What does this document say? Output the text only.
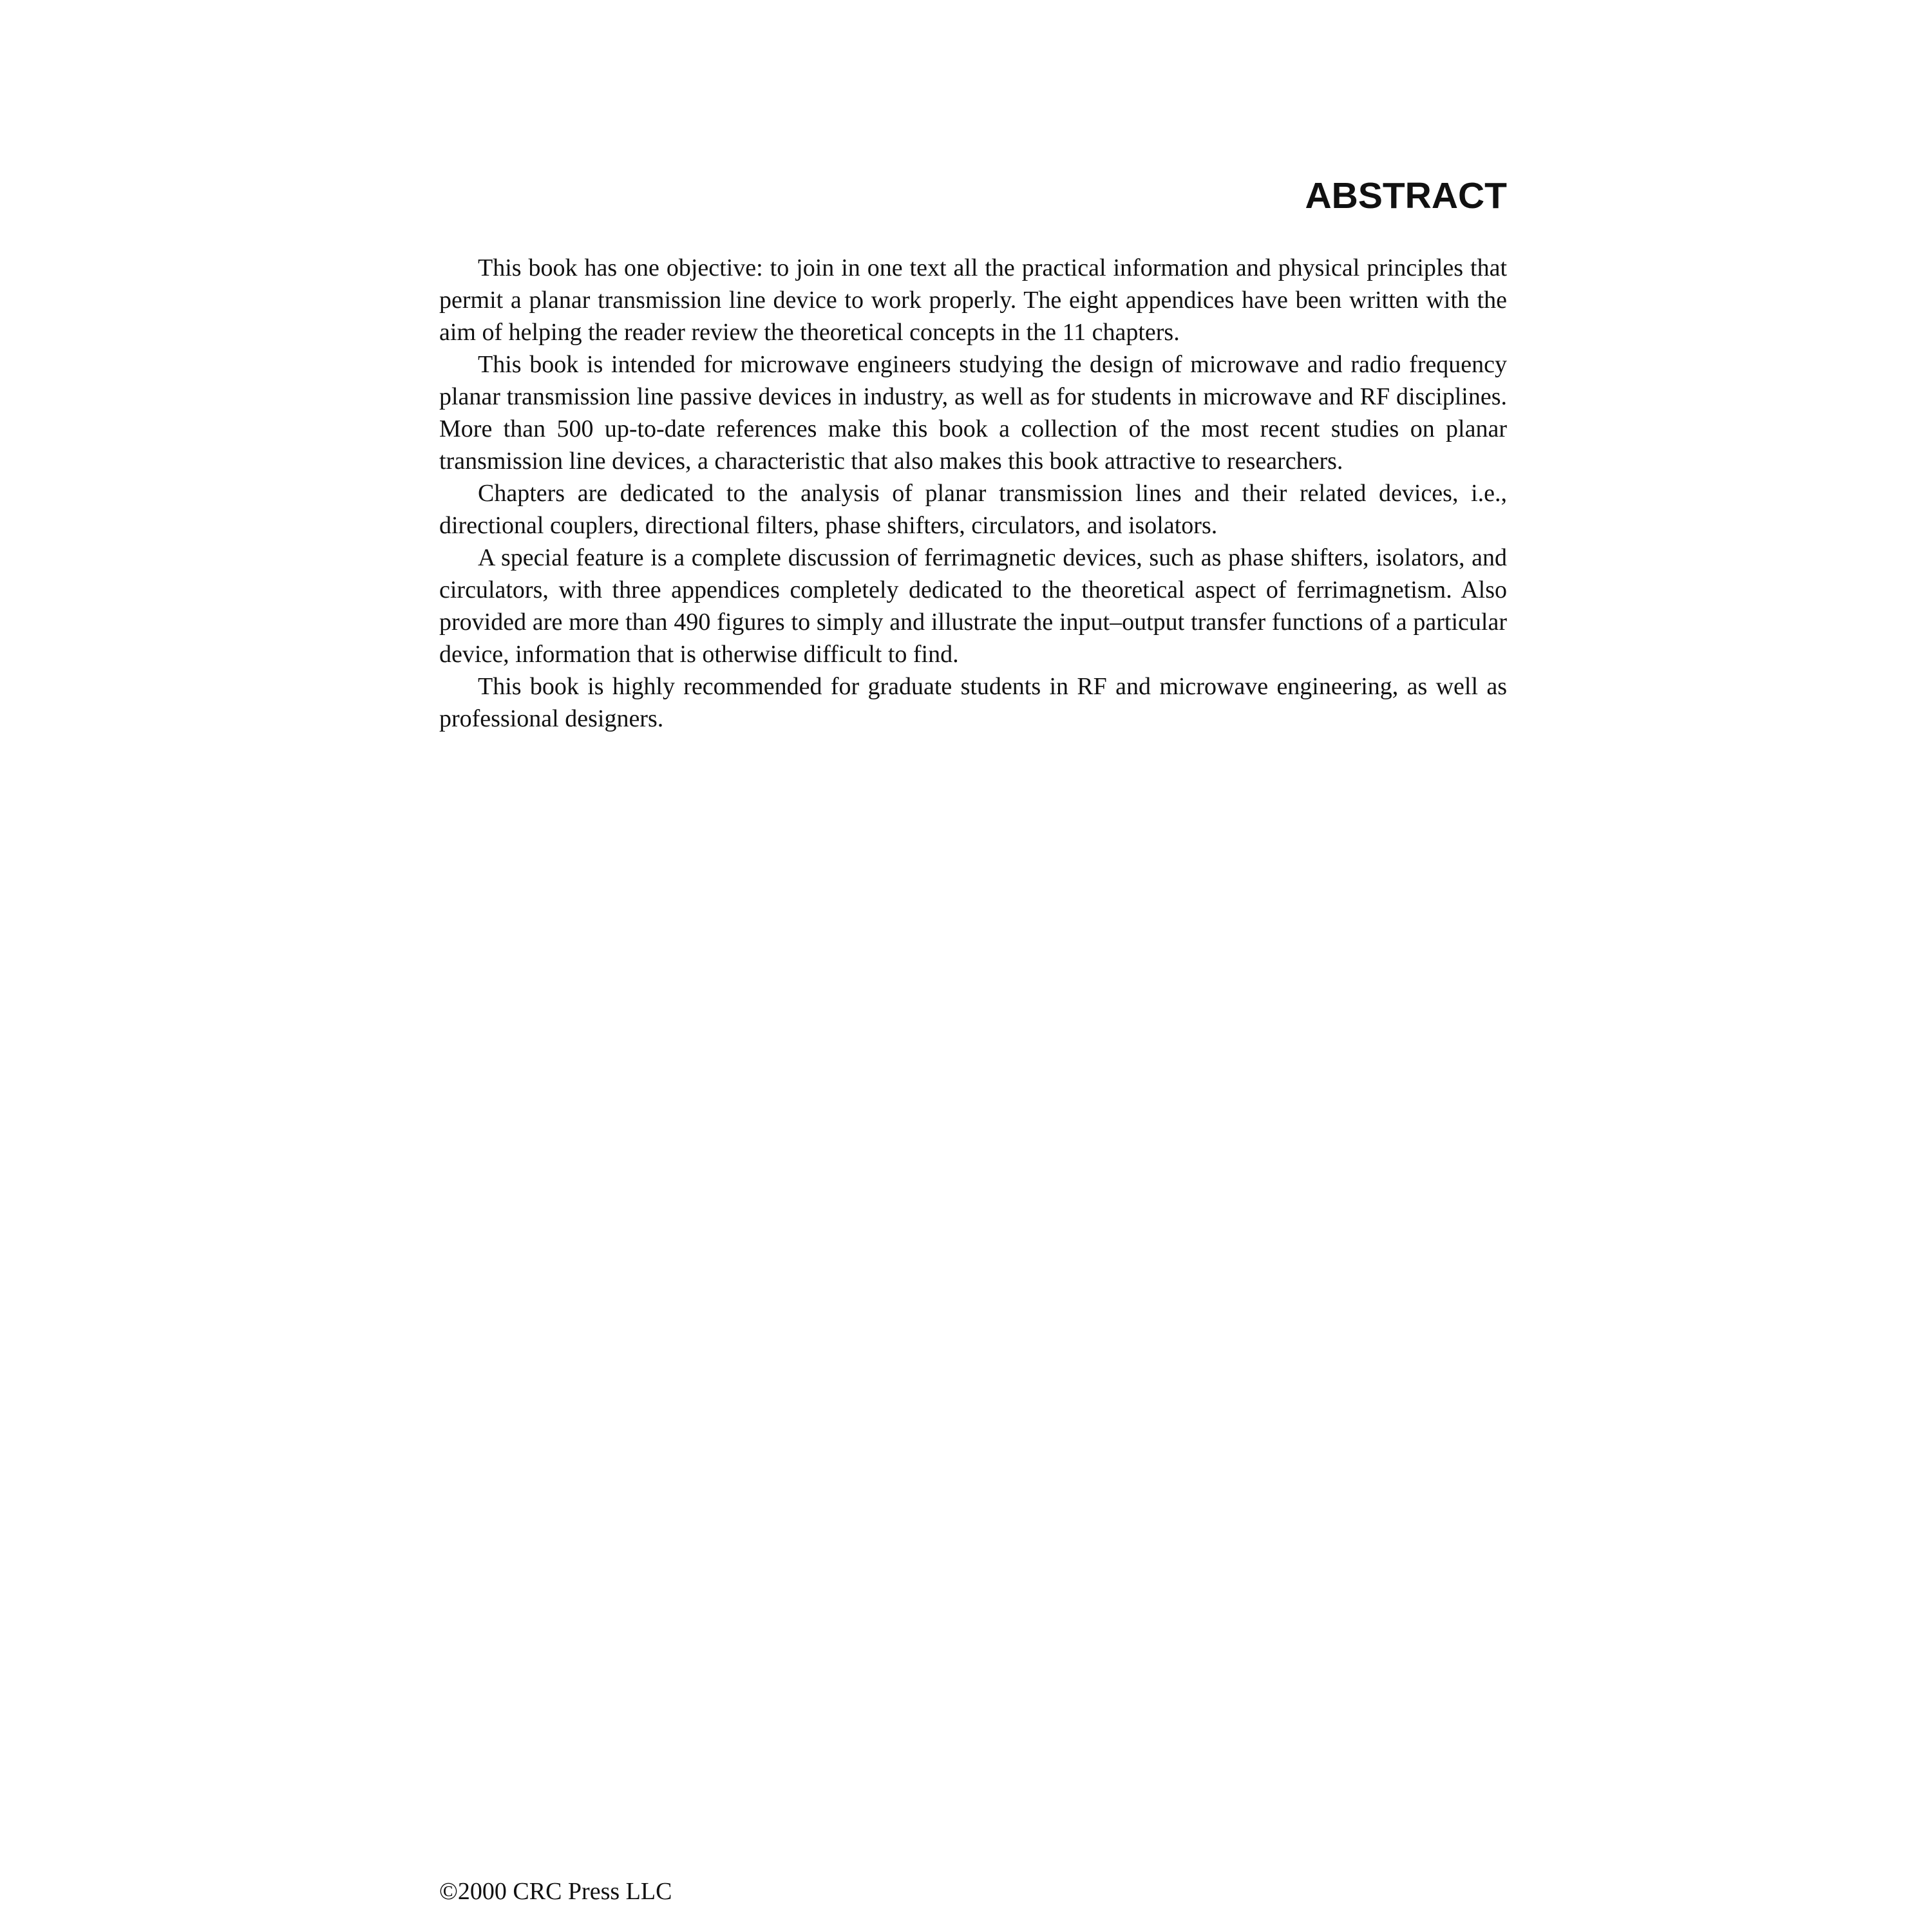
ABSTRACT

This book has one objective: to join in one text all the practical information and physical principles that permit a planar transmission line device to work properly. The eight appendices have been written with the aim of helping the reader review the theoretical concepts in the 11 chapters.

This book is intended for microwave engineers studying the design of microwave and radio frequency planar transmission line passive devices in industry, as well as for students in microwave and RF disciplines. More than 500 up-to-date references make this book a collection of the most recent studies on planar transmission line devices, a characteristic that also makes this book attractive to researchers.

Chapters are dedicated to the analysis of planar transmission lines and their related devices, i.e., directional couplers, directional filters, phase shifters, circulators, and isolators.

A special feature is a complete discussion of ferrimagnetic devices, such as phase shifters, isolators, and circulators, with three appendices completely dedicated to the theoretical aspect of ferrimagnetism. Also provided are more than 490 figures to simply and illustrate the input–output transfer functions of a particular device, information that is otherwise difficult to find.

This book is highly recommended for graduate students in RF and microwave engineering, as well as professional designers.

©2000 CRC Press LLC
